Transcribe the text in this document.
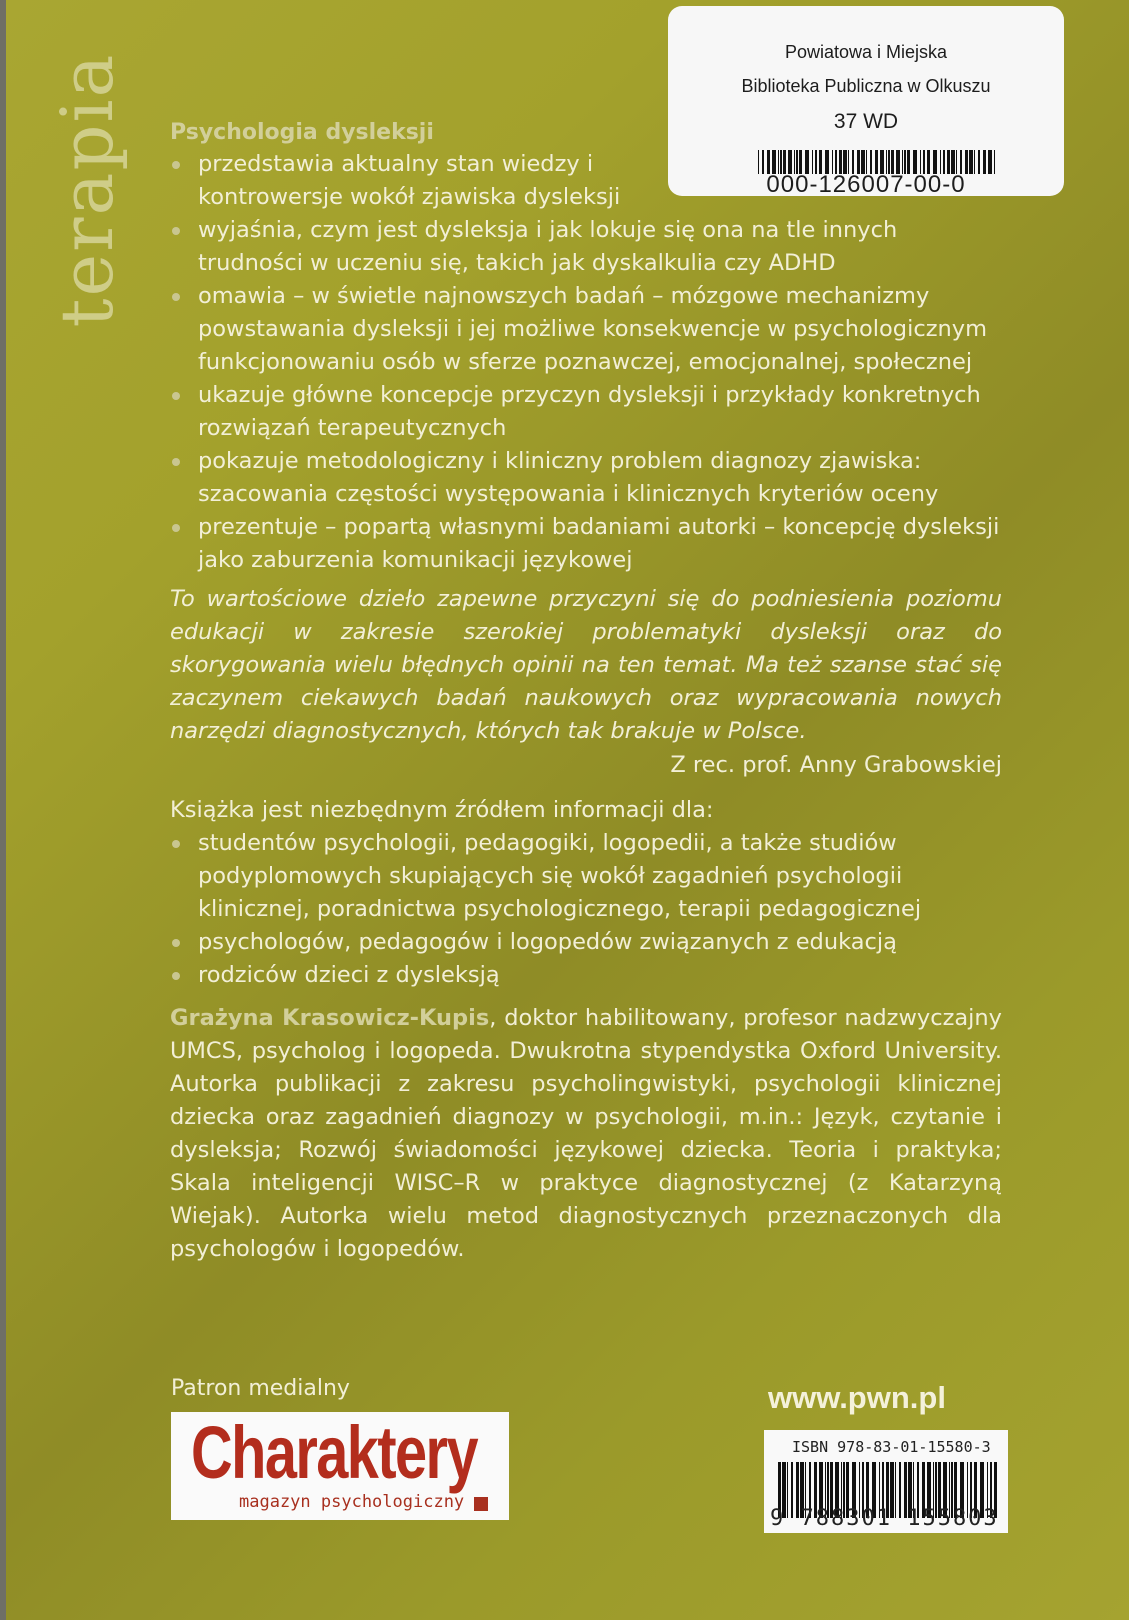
terapia
Powiatowa i Miejska
Biblioteka Publiczna w Olkuszu
37 WD
000-126007-00-0
Psychologia dysleksji
przedstawia aktualny stan wiedzy i kontrowersje wokół zjawiska dysleksji
wyjaśnia, czym jest dysleksja i jak lokuje się ona na tle innych trudności w uczeniu się, takich jak dyskalkulia czy ADHD
omawia – w świetle najnowszych badań – mózgowe mechanizmy powstawania dysleksji i jej możliwe konsekwencje w psychologicznym funkcjonowaniu osób w sferze poznawczej, emocjonalnej, społecznej
ukazuje główne koncepcje przyczyn dysleksji i przykłady konkretnych rozwiązań terapeutycznych
pokazuje metodologiczny i kliniczny problem diagnozy zjawiska: szacowania częstości występowania i klinicznych kryteriów oceny
prezentuje – popartą własnymi badaniami autorki – koncepcję dysleksji jako zaburzenia komunikacji językowej
To wartościowe dzieło zapewne przyczyni się do podniesienia poziomu edukacji w zakresie szerokiej problematyki dysleksji oraz do skorygowania wielu błędnych opinii na ten temat. Ma też szanse stać się zaczynem ciekawych badań naukowych oraz wypracowania nowych narzędzi diagnostycznych, których tak brakuje w Polsce.
Z rec. prof. Anny Grabowskiej
Książka jest niezbędnym źródłem informacji dla:
studentów psychologii, pedagogiki, logopedii, a także studiów podyplomowych skupiających się wokół zagadnień psychologii klinicznej, poradnictwa psychologicznego, terapii pedagogicznej
psychologów, pedagogów i logopedów związanych z edukacją
rodziców dzieci z dysleksją
Grażyna Krasowicz-Kupis, doktor habilitowany, profesor nadzwyczajny UMCS, psycholog i logopeda. Dwukrotna stypendystka Oxford University. Autorka publikacji z zakresu psycholingwistyki, psychologii klinicznej dziecka oraz zagadnień diagnozy w psychologii, m.in.: Język, czytanie i dysleksja; Rozwój świadomości językowej dziecka. Teoria i praktyka; Skala inteligencji WISC–R w praktyce diagnostycznej (z Katarzyną Wiejak). Autorka wielu metod diagnostycznych przeznaczonych dla psychologów i logopedów.
Patron medialny
Charaktery
magazyn psychologiczny
www.pwn.pl
ISBN 978-83-01-15580-3
9 788301 155803
